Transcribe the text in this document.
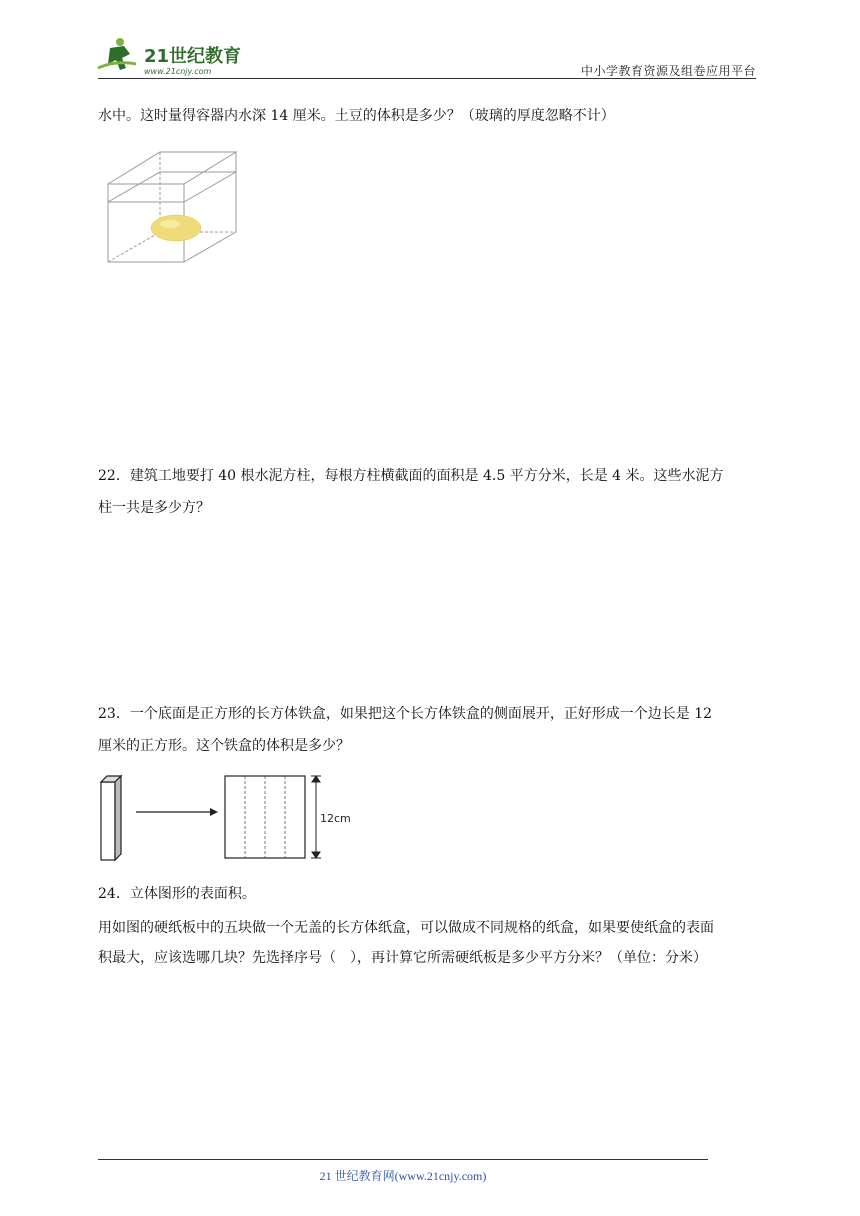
21世纪教育
www.21cnjy.com	中小学教育资源及组卷应用平台
水中。这时量得容器内水深 14 厘米。土豆的体积是多少？（玻璃的厚度忽略不计）
22．建筑工地要打 40 根水泥方柱，每根方柱横截面的面积是 4.5 平方分米，长是 4 米。这些水泥方
柱一共是多少方？
23．一个底面是正方形的长方体铁盒，如果把这个长方体铁盒的侧面展开，正好形成一个边长是 12
厘米的正方形。这个铁盒的体积是多少？
12cm
24．立体图形的表面积。
用如图的硬纸板中的五块做一个无盖的长方体纸盒，可以做成不同规格的纸盒，如果要使纸盒的表面
积最大，应该选哪几块？先选择序号（　），再计算它所需硬纸板是多少平方分米？（单位：分米）
21 世纪教育网(www.21cnjy.com)
